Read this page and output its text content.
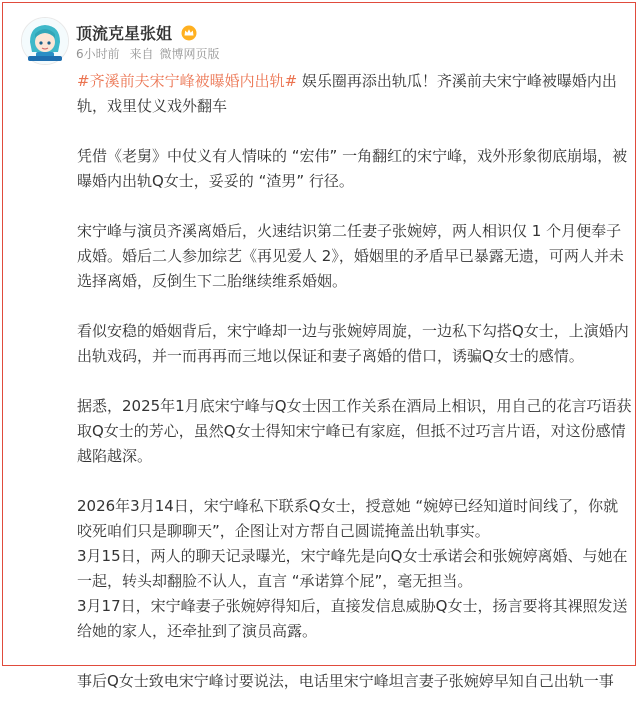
顶流克星张姐
6小时前 来自 微博网页版

#齐溪前夫宋宁峰被曝婚内出轨# 娱乐圈再添出轨瓜！齐溪前夫宋宁峰被曝婚内出轨，戏里仗义戏外翻车

凭借《老舅》中仗义有人情味的 “宏伟” 一角翻红的宋宁峰，戏外形象彻底崩塌，被曝婚内出轨Q女士，妥妥的 “渣男” 行径。

宋宁峰与演员齐溪离婚后，火速结识第二任妻子张婉婷，两人相识仅 1 个月便奉子成婚。婚后二人参加综艺《再见爱人 2》，婚姻里的矛盾早已暴露无遗，可两人并未选择离婚，反倒生下二胎继续维系婚姻。

看似安稳的婚姻背后，宋宁峰却一边与张婉婷周旋，一边私下勾搭Q女士，上演婚内出轨戏码，并一而再再而三地以保证和妻子离婚的借口，诱骗Q女士的感情。

据悉，2025年1月底宋宁峰与Q女士因工作关系在酒局上相识，用自己的花言巧语获取Q女士的芳心，虽然Q女士得知宋宁峰已有家庭，但抵不过巧言片语，对这份感情越陷越深。

2026年3月14日，宋宁峰私下联系Q女士，授意她 “婉婷已经知道时间线了，你就咬死咱们只是聊聊天”，企图让对方帮自己圆谎掩盖出轨事实。

3月15日，两人的聊天记录曝光，宋宁峰先是向Q女士承诺会和张婉婷离婚、与她在一起，转头却翻脸不认人，直言 “承诺算个屁”，毫无担当。

3月17日，宋宁峰妻子张婉婷得知后，直接发信息威胁Q女士，扬言要将其裸照发送给她的家人，还牵扯到了演员高露。

事后Q女士致电宋宁峰讨要说法，电话里宋宁峰坦言妻子张婉婷早知自己出轨一事
